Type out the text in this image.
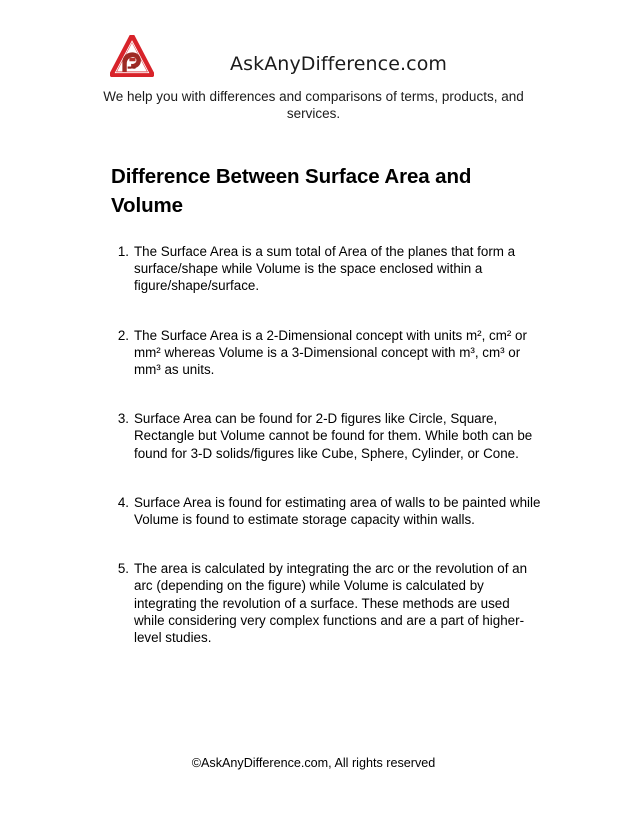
AskAnyDifference.com
We help you with differences and comparisons of terms, products, and services.
Difference Between Surface Area and Volume
1. The Surface Area is a sum total of Area of the planes that form a surface/shape while Volume is the space enclosed within a figure/shape/surface.
2. The Surface Area is a 2-Dimensional concept with units m², cm² or mm² whereas Volume is a 3-Dimensional concept with m³, cm³ or mm³ as units.
3. Surface Area can be found for 2-D figures like Circle, Square, Rectangle but Volume cannot be found for them. While both can be found for 3-D solids/figures like Cube, Sphere, Cylinder, or Cone.
4. Surface Area is found for estimating area of walls to be painted while Volume is found to estimate storage capacity within walls.
5. The area is calculated by integrating the arc or the revolution of an arc (depending on the figure) while Volume is calculated by integrating the revolution of a surface. These methods are used while considering very complex functions and are a part of higher-level studies.
©AskAnyDifference.com, All rights reserved
